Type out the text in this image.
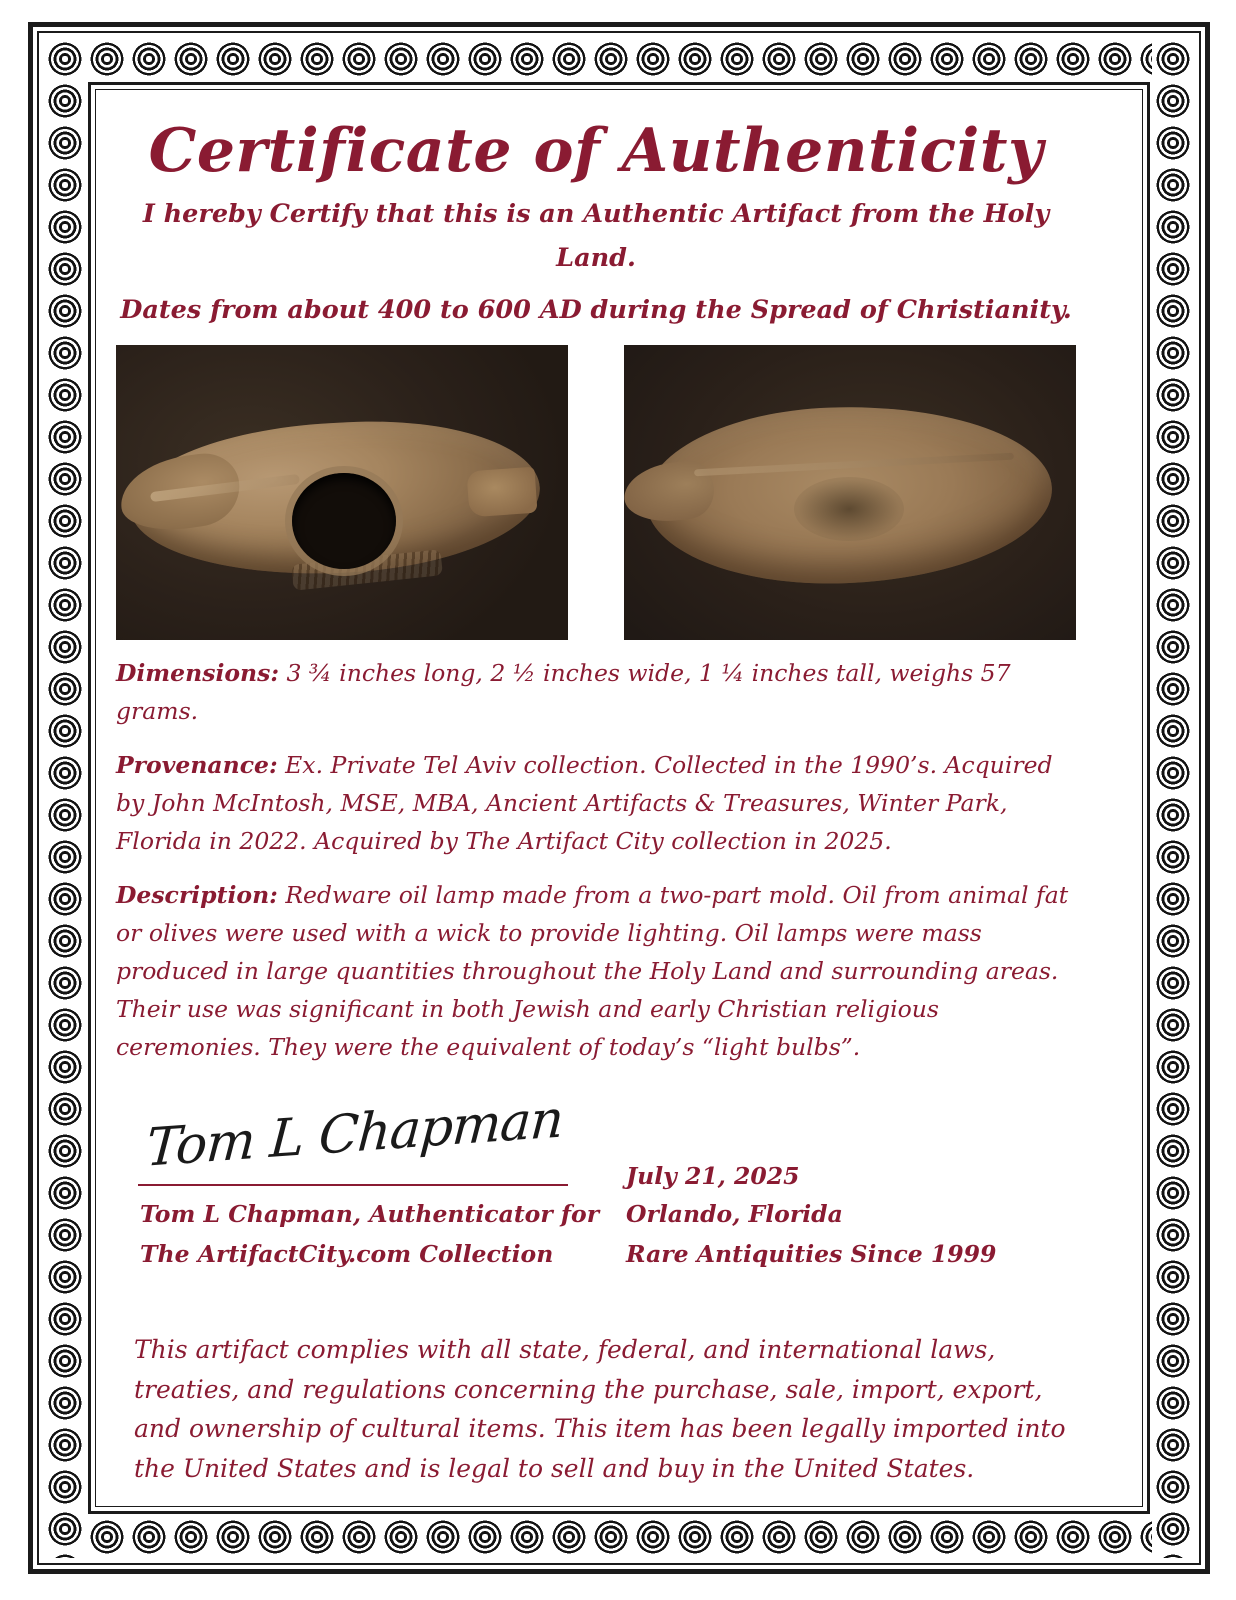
Certificate of Authenticity
I hereby Certify that this is an Authentic Artifact from the Holy Land.
Dates from about 400 to 600 AD during the Spread of Christianity.

Dimensions: 3 ¾ inches long, 2 ½ inches wide, 1 ¼ inches tall, weighs 57 grams.

Provenance: Ex. Private Tel Aviv collection. Collected in the 1990’s. Acquired by John McIntosh, MSE, MBA, Ancient Artifacts & Treasures, Winter Park, Florida in 2022. Acquired by The Artifact City collection in 2025.

Description: Redware oil lamp made from a two-part mold. Oil from animal fat or olives were used with a wick to provide lighting. Oil lamps were mass produced in large quantities throughout the Holy Land and surrounding areas. Their use was significant in both Jewish and early Christian religious ceremonies. They were the equivalent of today’s “light bulbs”.

Tom L Chapman
Tom L Chapman, Authenticator for
The ArtifactCity.com Collection
July 21, 2025
Orlando, Florida
Rare Antiquities Since 1999

This artifact complies with all state, federal, and international laws, treaties, and regulations concerning the purchase, sale, import, export, and ownership of cultural items. This item has been legally imported into the United States and is legal to sell and buy in the United States.
